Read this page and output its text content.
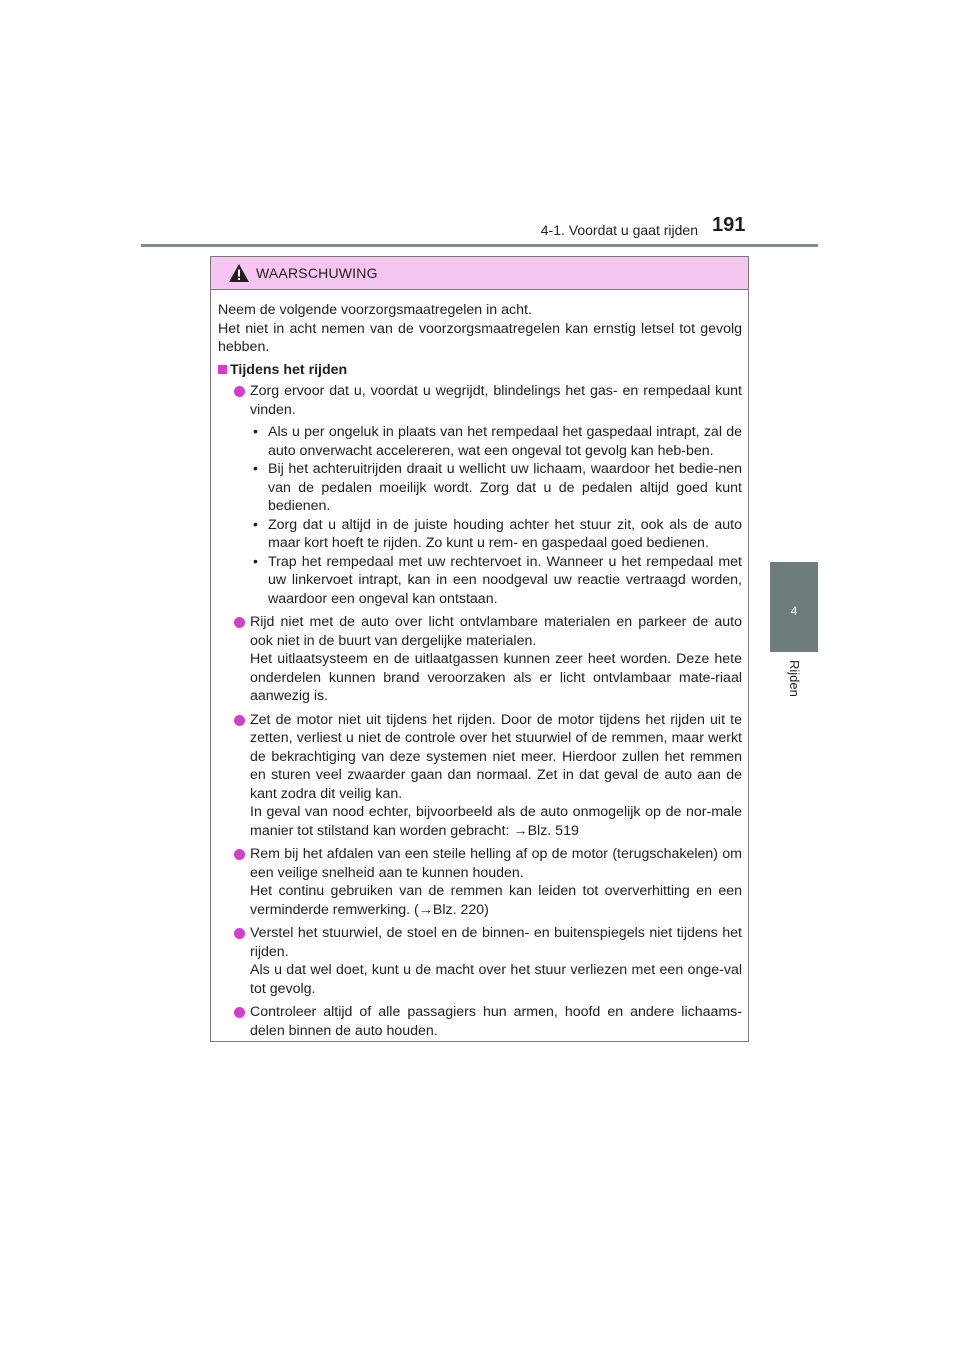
4-1. Voordat u gaat rijden 191
4
Rijden
WAARSCHUWING

Neem de volgende voorzorgsmaatregelen in acht.

Het niet in acht nemen van de voorzorgsmaatregelen kan ernstig letsel tot gevolg hebben.

Tijdens het rijden

Zorg ervoor dat u, voordat u wegrijdt, blindelings het gas- en rempedaal kunt vinden.

• Als u per ongeluk in plaats van het rempedaal het gaspedaal intrapt, zal de auto onverwacht accelereren, wat een ongeval tot gevolg kan heb-ben.
• Bij het achteruitrijden draait u wellicht uw lichaam, waardoor het bedie-nen van de pedalen moeilijk wordt. Zorg dat u de pedalen altijd goed kunt bedienen.
• Zorg dat u altijd in de juiste houding achter het stuur zit, ook als de auto maar kort hoeft te rijden. Zo kunt u rem- en gaspedaal goed bedienen.
• Trap het rempedaal met uw rechtervoet in. Wanneer u het rempedaal met uw linkervoet intrapt, kan in een noodgeval uw reactie vertraagd worden, waardoor een ongeval kan ontstaan.

Rijd niet met de auto over licht ontvlambare materialen en parkeer de auto ook niet in de buurt van dergelijke materialen.

Het uitlaatsysteem en de uitlaatgassen kunnen zeer heet worden. Deze hete onderdelen kunnen brand veroorzaken als er licht ontvlambaar mate-riaal aanwezig is.

Zet de motor niet uit tijdens het rijden. Door de motor tijdens het rijden uit te zetten, verliest u niet de controle over het stuurwiel of de remmen, maar werkt de bekrachtiging van deze systemen niet meer. Hierdoor zullen het remmen en sturen veel zwaarder gaan dan normaal. Zet in dat geval de auto aan de kant zodra dit veilig kan.

In geval van nood echter, bijvoorbeeld als de auto onmogelijk op de nor-male manier tot stilstand kan worden gebracht: →Blz. 519

Rem bij het afdalen van een steile helling af op de motor (terugschakelen) om een veilige snelheid aan te kunnen houden.

Het continu gebruiken van de remmen kan leiden tot oververhitting en een verminderde remwerking. (→Blz. 220)

Verstel het stuurwiel, de stoel en de binnen- en buitenspiegels niet tijdens het rijden.

Als u dat wel doet, kunt u de macht over het stuur verliezen met een onge-val tot gevolg.

Controleer altijd of alle passagiers hun armen, hoofd en andere lichaams-delen binnen de auto houden.
